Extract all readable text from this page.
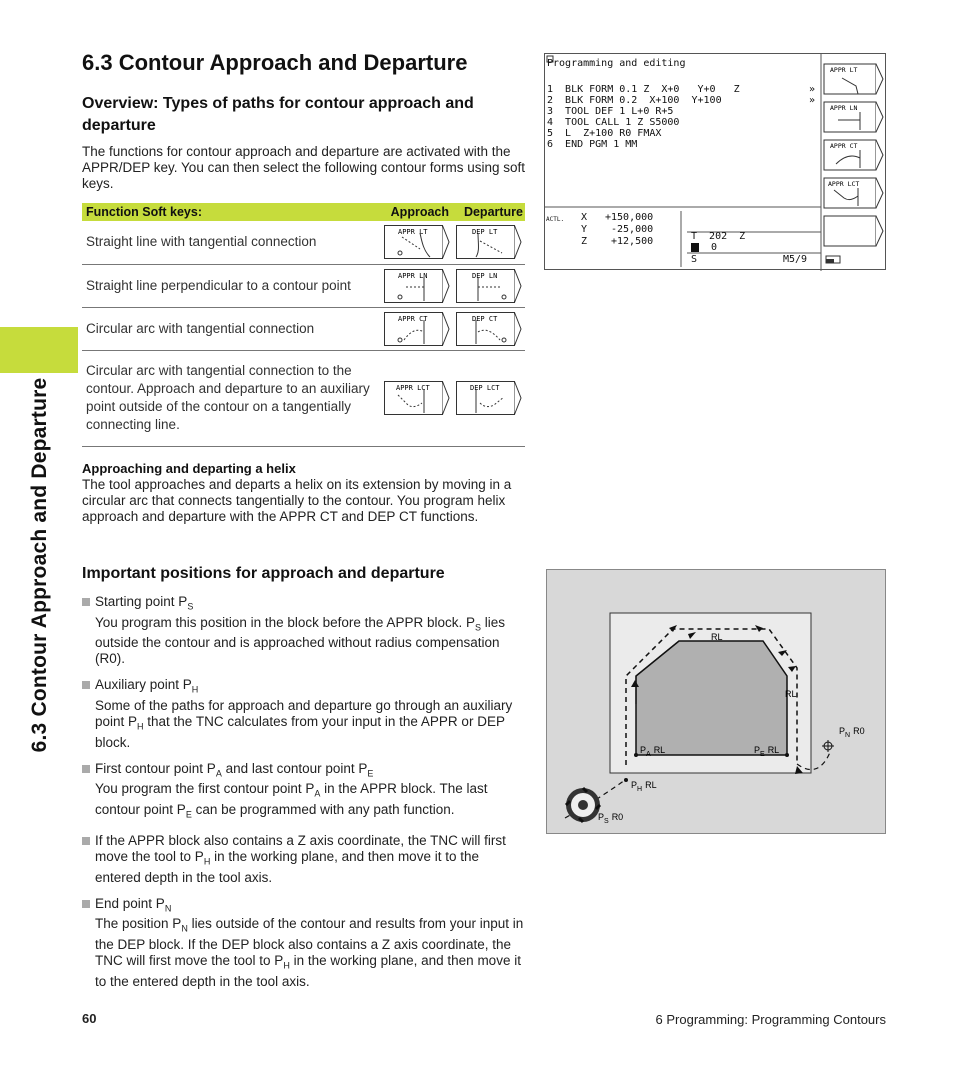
6.3 Contour Approach and Departure
6.3 Contour Approach and Departure
Overview: Types of paths for contour approach and departure
The functions for contour approach and departure are activated with the APPR/DEP key. You can then select the following contour forms using soft keys.
Function Soft keys:	Approach	Departure
Straight line with tangential connection	APPR LT	DEP LT

Straight line perpendicular to a contour point	APPR LN	DEP LN

Circular arc with tangential connection	APPR CT	DEP CT

Circular arc with tangential connection to the contour. Approach and departure to an auxiliary point outside of the contour on a tangentially connecting line.	APPR LCT	DEP LCT
Approaching and departing a helix
The tool approaches and departs a helix on its extension by moving in a circular arc that connects tangentially to the contour. You program helix approach and departure with the APPR CT and DEP CT functions.
Programming and editing
1  BLK FORM 0.1 Z  X+0   Y+0   Z
2  BLK FORM 0.2  X+100  Y+100
3  TOOL DEF 1 L+0 R+5
4  TOOL CALL 1 Z S5000
5  L  Z+100 R0 FMAX
6  END PGM 1 MM
»
»
ACTL. X +150,000
Y -25,000
Z +12,500	T  202  Z
0
S	M5/9
APPR LT
APPR LN
APPR CT
APPR LCT
Important positions for approach and departure
Starting point $P_S$
You program this position in the block before the APPR block. $P_S$ lies outside the contour and is approached without radius compensation (R0).
Auxiliary point $P_H$
Some of the paths for approach and departure go through an auxiliary point $P_H$ that the TNC calculates from your input in the APPR or DEP block.
First contour point $P_A$ and last contour point $P_E$
You program the first contour point $P_A$ in the APPR block. The last contour point $P_E$ can be programmed with any path function.
If the APPR block also contains a Z axis coordinate, the TNC will first move the tool to $P_H$ in the working plane, and then move it to the entered depth in the tool axis.
End point $P_N$
The position $P_N$ lies outside of the contour and results from your input in the DEP block. If the DEP block also contains a Z axis coordinate, the TNC will first move the tool to $P_H$ in the working plane, and then move it to the entered depth in the tool axis.
RL
RL
$P_A$ RL	$P_E$ RL
$P_N$ R0
$P_H$ RL
$P_S$ R0
60	6 Programming: Programming Contours
